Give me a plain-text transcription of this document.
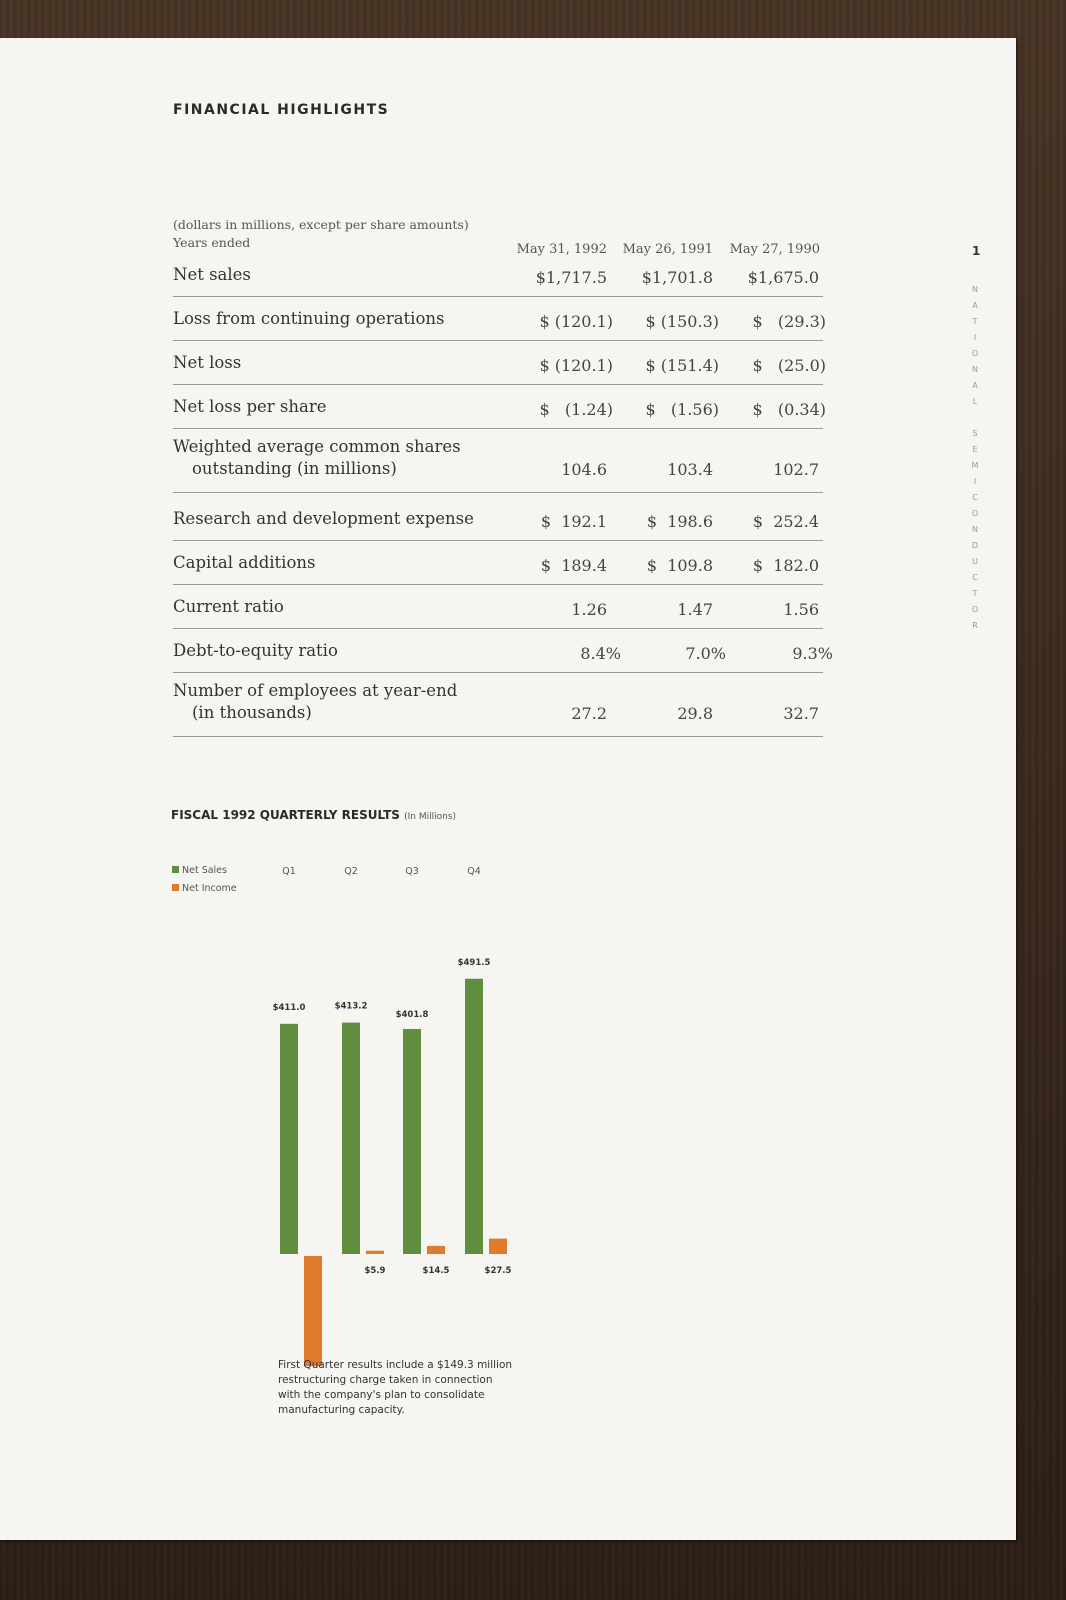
FINANCIAL HIGHLIGHTS
1
N
A
T
I
O
N
A
L
S
E
M
I
C
O
N
D
U
C
T
O
R
(dollars in millions, except per share amounts)
Years ended	May 31, 1992	May 26, 1991	May 27, 1990
Net sales	$1,717.5	$1,701.8	$1,675.0
Loss from continuing operations	$ (120.1)	$ (150.3)	$   (29.3)
Net loss	$ (120.1)	$ (151.4)	$   (25.0)
Net loss per share	$   (1.24)	$   (1.56)	$   (0.34)
Weighted average common shares
outstanding (in millions)	104.6	103.4	102.7
Research and development expense	$  192.1	$  198.6	$  252.4
Capital additions	$  189.4	$  109.8	$  182.0
Current ratio	1.26	1.47	1.56
Debt-to-equity ratio	8.4%	7.0%	9.3%
Number of employees at year-end
(in thousands)	27.2	29.8	32.7
FISCAL 1992 QUARTERLY RESULTS (In Millions)
Net Sales
Net Income
Q1
$411.0
Q2
$413.2
$5.9
Q3
$401.8
$14.5
Q4
$491.5
$27.5
First Quarter results include a $149.3 million restructuring charge taken in connection with the company's plan to consolidate manufacturing capacity.
